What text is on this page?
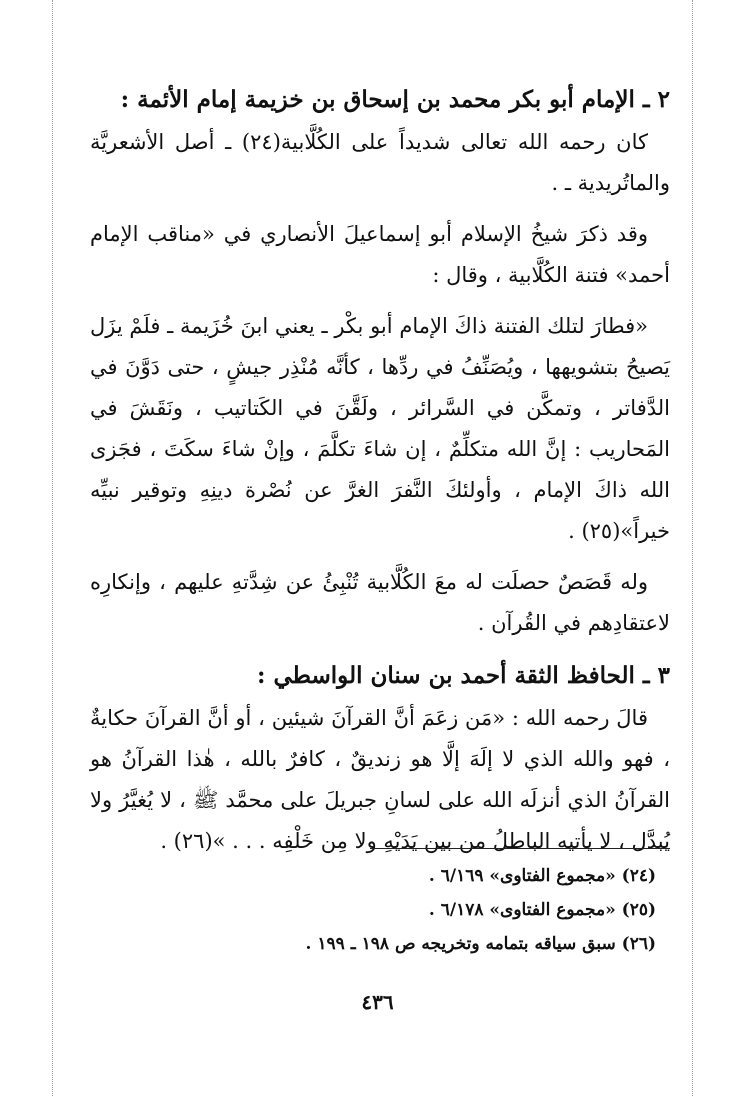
٢ ـ الإمام أبو بكر محمد بن إسحاق بن خزيمة إمام الأئمة :

كان رحمه الله تعالى شديداً على الكُلَّابية(٢٤) ـ أصل الأشعريَّة والماتُريدية ـ .

وقد ذكرَ شيخُ الإسلام أبو إسماعيلَ الأنصاري في «مناقب الإمام أحمد» فتنة الكُلَّابية ، وقال :

«فطارَ لتلك الفتنة ذاكَ الإمام أبو بكْر ـ يعني ابنَ خُزَيمة ـ فلَمْ يزَل يَصيحُ بتشويهها ، ويُصَنِّفُ في ردِّها ، كأنَّه مُنْذِر جيشٍ ، حتى دَوَّنَ في الدَّفاتر ، وتمكَّن في السَّرائر ، ولَقَّنَ في الكَتاتيب ، ونَقَشَ في المَحاريب : إنَّ الله متكلِّمٌ ، إن شاءَ تكلَّمَ ، وإنْ شاءَ سكَتَ ، فجَزى الله ذاكَ الإمام ، وأولئكَ النَّفرَ الغرَّ عن نُصْرة دينِهِ وتوقير نبيِّه خيراً»(٢٥) .

وله قَصَصٌ حصلَت له معَ الكُلَّابية تُنْبِئُ عن شِدَّتهِ عليهم ، وإنكارِه لاعتقادِهم في القُرآن .

٣ ـ الحافظ الثقة أحمد بن سنان الواسطي :

قالَ رحمه الله : «مَن زعَمَ أنَّ القرآنَ شيئين ، أو أنَّ القرآنَ حكايةٌ ، فهو والله الذي لا إلَهَ إلَّا هو زنديقٌ ، كافرٌ بالله ، هٰذا القرآنُ هو القرآنُ الذي أنزلَه الله على لسانِ جبريلَ على محمَّد ﷺ ، لا يُغيَّرُ ولا يُبدَّل ، لا يأتيه الباطلُ من بين يَدَيْهِ ولا مِن خَلْفِه . . . »(٢٦) .

(٢٤) «مجموع الفتاوى» ٦/١٦٩ .

(٢٥) «مجموع الفتاوى» ٦/١٧٨ .

(٢٦) سبق سياقه بتمامه وتخريجه ص ١٩٨ ـ ١٩٩ .

٤٣٦
